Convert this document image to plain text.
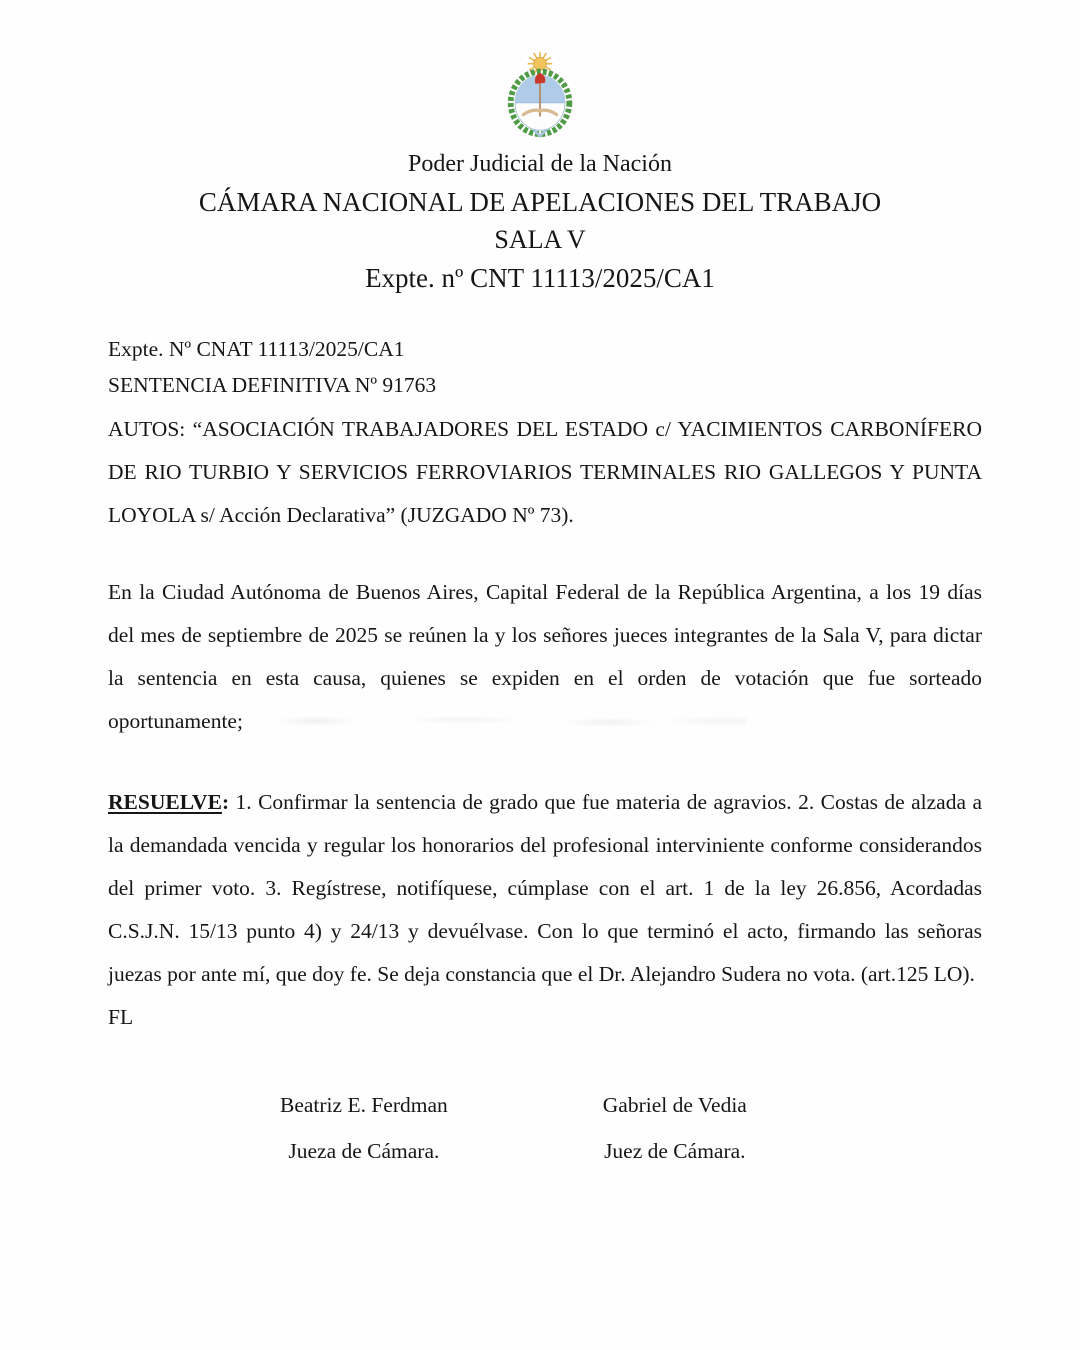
Poder Judicial de la Nación
CÁMARA NACIONAL DE APELACIONES DEL TRABAJO
SALA V
Expte. nº CNT 11113/2025/CA1

Expte. Nº CNAT 11113/2025/CA1

SENTENCIA DEFINITIVA Nº 91763

AUTOS: “ASOCIACIÓN TRABAJADORES DEL ESTADO c/ YACIMIENTOS CARBONÍFERO DE RIO TURBIO Y SERVICIOS FERROVIARIOS TERMINALES RIO GALLEGOS Y PUNTA LOYOLA s/ Acción Declarativa” (JUZGADO Nº 73).

En la Ciudad Autónoma de Buenos Aires, Capital Federal de la República Argentina, a los 19 días del mes de septiembre de 2025 se reúnen la y los señores jueces integrantes de la Sala V, para dictar la sentencia en esta causa, quienes se expiden en el orden de votación que fue sorteado oportunamente;

RESUELVE: 1. Confirmar la sentencia de grado que fue materia de agravios. 2. Costas de alzada a la demandada vencida y regular los honorarios del profesional interviniente conforme considerandos del primer voto. 3. Regístrese, notifíquese, cúmplase con el art. 1 de la ley 26.856, Acordadas C.S.J.N. 15/13 punto 4) y 24/13 y devuélvase. Con lo que terminó el acto, firmando las señoras juezas por ante mí, que doy fe. Se deja constancia que el Dr. Alejandro Sudera no vota. (art.125 LO).

FL

Beatriz E. Ferdman
Jueza de Cámara.
Gabriel de Vedia
Juez de Cámara.
